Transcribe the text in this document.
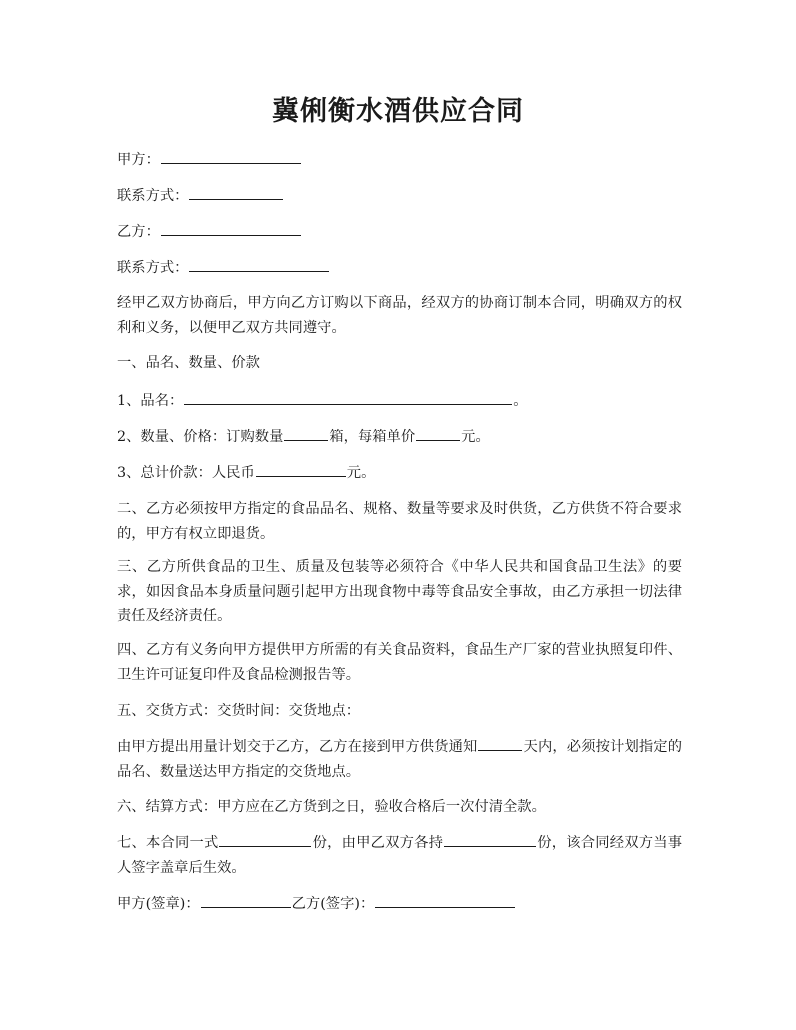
冀俐衡水酒供应合同
甲方：
联系方式：
乙方：
联系方式：
经甲乙双方协商后，甲方向乙方订购以下商品，经双方的协商订制本合同，明确双方的权利和义务，以便甲乙双方共同遵守。
一、品名、数量、价款
1、品名：	。
2、数量、价格：订购数量	箱，每箱单价	元。
3、总计价款：人民币	元。
二、乙方必须按甲方指定的食品品名、规格、数量等要求及时供货，乙方供货不符合要求的，甲方有权立即退货。
三、乙方所供食品的卫生、质量及包装等必须符合《中华人民共和国食品卫生法》的要求，如因食品本身质量问题引起甲方出现食物中毒等食品安全事故，由乙方承担一切法律责任及经济责任。
四、乙方有义务向甲方提供甲方所需的有关食品资料，食品生产厂家的营业执照复印件、卫生许可证复印件及食品检测报告等。
五、交货方式：交货时间：交货地点：
由甲方提出用量计划交于乙方，乙方在接到甲方供货通知	天内，必须按计划指定的品名、数量送达甲方指定的交货地点。
六、结算方式：甲方应在乙方货到之日，验收合格后一次付清全款。
七、本合同一式	份，由甲乙双方各持	份，该合同经双方当事人签字盖章后生效。
甲方(签章)：	乙方(签字)：
